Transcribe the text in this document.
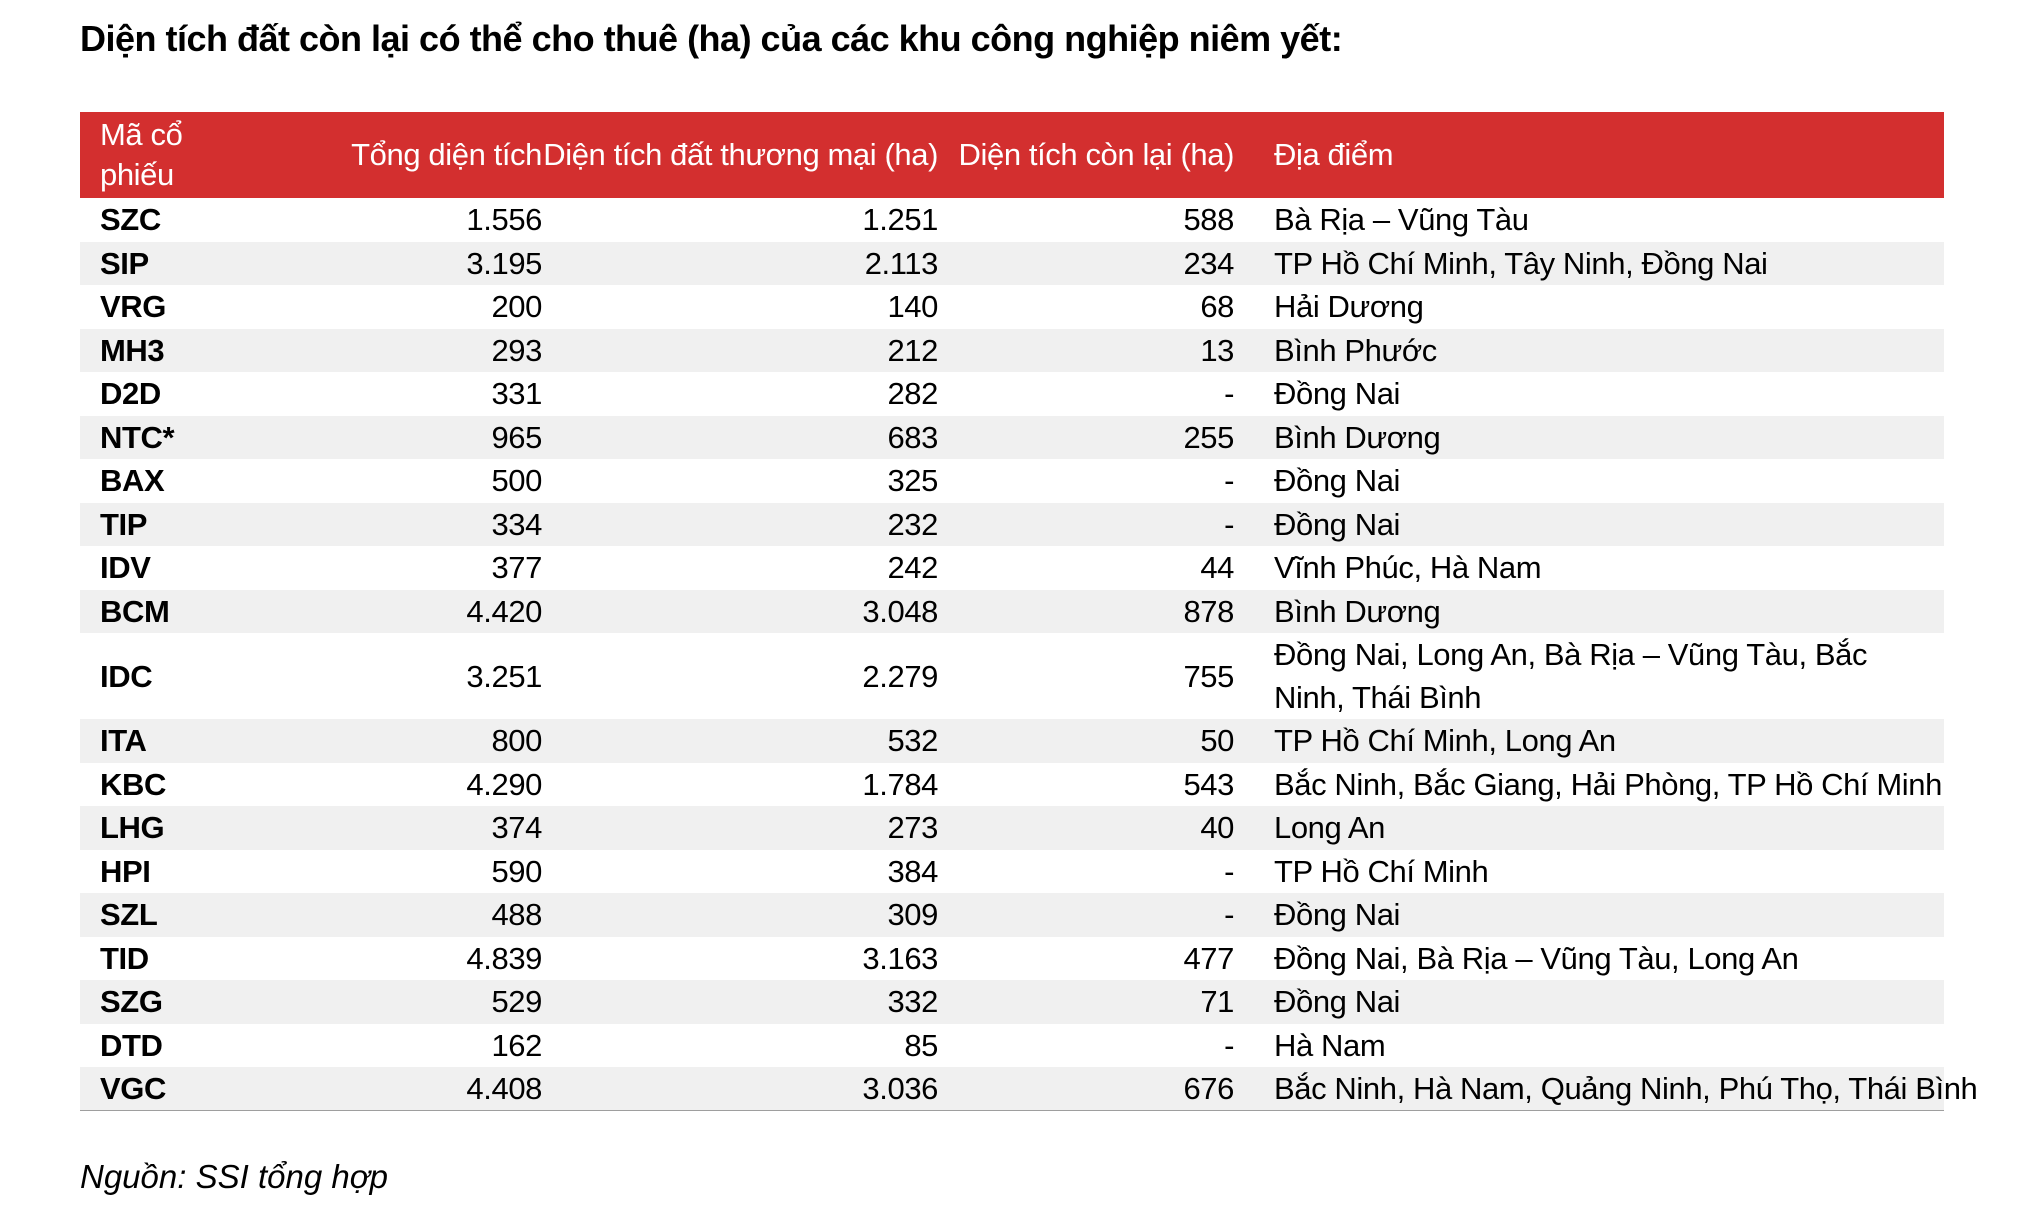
Diện tích đất còn lại có thể cho thuê (ha) của các khu công nghiệp niêm yết:
Mã cổ phiếu	Tổng diện tích	Diện tích đất thương mại (ha)	Diện tích còn lại (ha)	Địa điểm
SZC	1.556	1.251	588	Bà Rịa – Vũng Tàu
SIP	3.195	2.113	234	TP Hồ Chí Minh, Tây Ninh, Đồng Nai
VRG	200	140	68	Hải Dương
MH3	293	212	13	Bình Phước
D2D	331	282	-	Đồng Nai
NTC*	965	683	255	Bình Dương
BAX	500	325	-	Đồng Nai
TIP	334	232	-	Đồng Nai
IDV	377	242	44	Vĩnh Phúc, Hà Nam
BCM	4.420	3.048	878	Bình Dương
IDC	3.251	2.279	755	Đồng Nai, Long An, Bà Rịa – Vũng Tàu, Bắc Ninh, Thái Bình
ITA	800	532	50	TP Hồ Chí Minh, Long An
KBC	4.290	1.784	543	Bắc Ninh, Bắc Giang, Hải Phòng, TP Hồ Chí Minh
LHG	374	273	40	Long An
HPI	590	384	-	TP Hồ Chí Minh
SZL	488	309	-	Đồng Nai
TID	4.839	3.163	477	Đồng Nai, Bà Rịa – Vũng Tàu, Long An
SZG	529	332	71	Đồng Nai
DTD	162	85	-	Hà Nam
VGC	4.408	3.036	676	Bắc Ninh, Hà Nam, Quảng Ninh, Phú Thọ, Thái Bình
Nguồn: SSI tổng hợp
